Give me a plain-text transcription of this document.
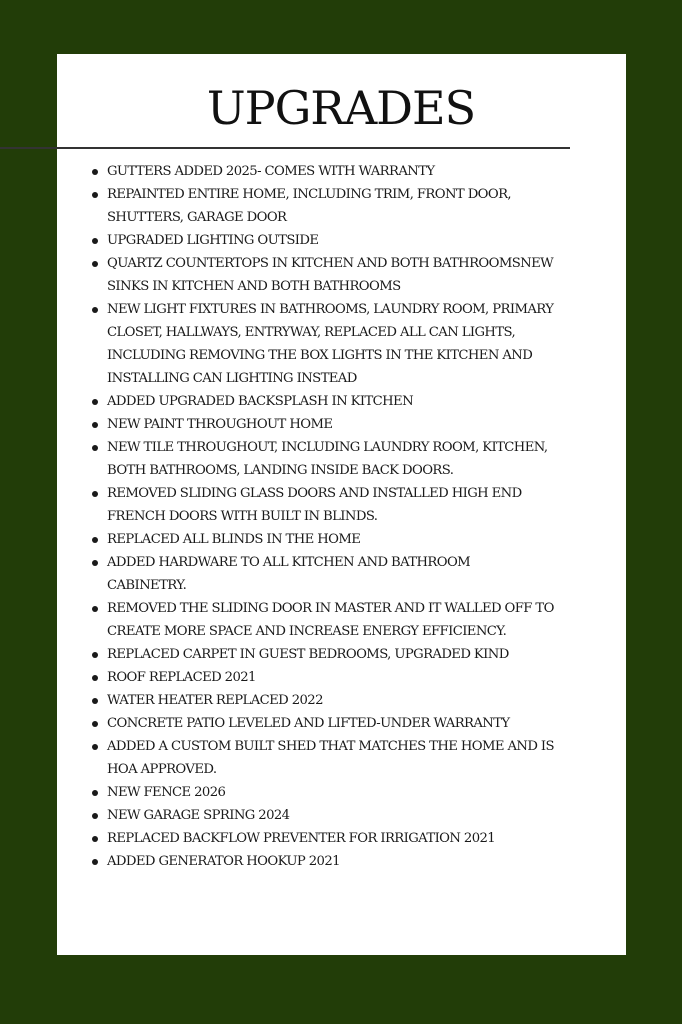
UPGRADES
GUTTERS ADDED 2025- COMES WITH WARRANTY
REPAINTED ENTIRE HOME, INCLUDING TRIM, FRONT DOOR,
SHUTTERS, GARAGE DOOR
UPGRADED LIGHTING OUTSIDE
QUARTZ COUNTERTOPS IN KITCHEN AND BOTH BATHROOMSNEW
SINKS IN KITCHEN AND BOTH BATHROOMS
NEW LIGHT FIXTURES IN BATHROOMS, LAUNDRY ROOM, PRIMARY
CLOSET, HALLWAYS, ENTRYWAY, REPLACED ALL CAN LIGHTS,
INCLUDING REMOVING THE BOX LIGHTS IN THE KITCHEN AND
INSTALLING CAN LIGHTING INSTEAD
ADDED UPGRADED BACKSPLASH IN KITCHEN
NEW PAINT THROUGHOUT HOME
NEW TILE THROUGHOUT, INCLUDING LAUNDRY ROOM, KITCHEN,
BOTH BATHROOMS, LANDING INSIDE BACK DOORS.
REMOVED SLIDING GLASS DOORS AND INSTALLED HIGH END
FRENCH DOORS WITH BUILT IN BLINDS.
REPLACED ALL BLINDS IN THE HOME
ADDED HARDWARE TO ALL KITCHEN AND BATHROOM
CABINETRY.
REMOVED THE SLIDING DOOR IN MASTER AND IT WALLED OFF TO
CREATE MORE SPACE AND INCREASE ENERGY EFFICIENCY.
REPLACED CARPET IN GUEST BEDROOMS, UPGRADED KIND
ROOF REPLACED 2021
WATER HEATER REPLACED 2022
CONCRETE PATIO LEVELED AND LIFTED-UNDER WARRANTY
ADDED A CUSTOM BUILT SHED THAT MATCHES THE HOME AND IS
HOA APPROVED.
NEW FENCE 2026
NEW GARAGE SPRING 2024
REPLACED BACKFLOW PREVENTER FOR IRRIGATION 2021
ADDED GENERATOR HOOKUP 2021
